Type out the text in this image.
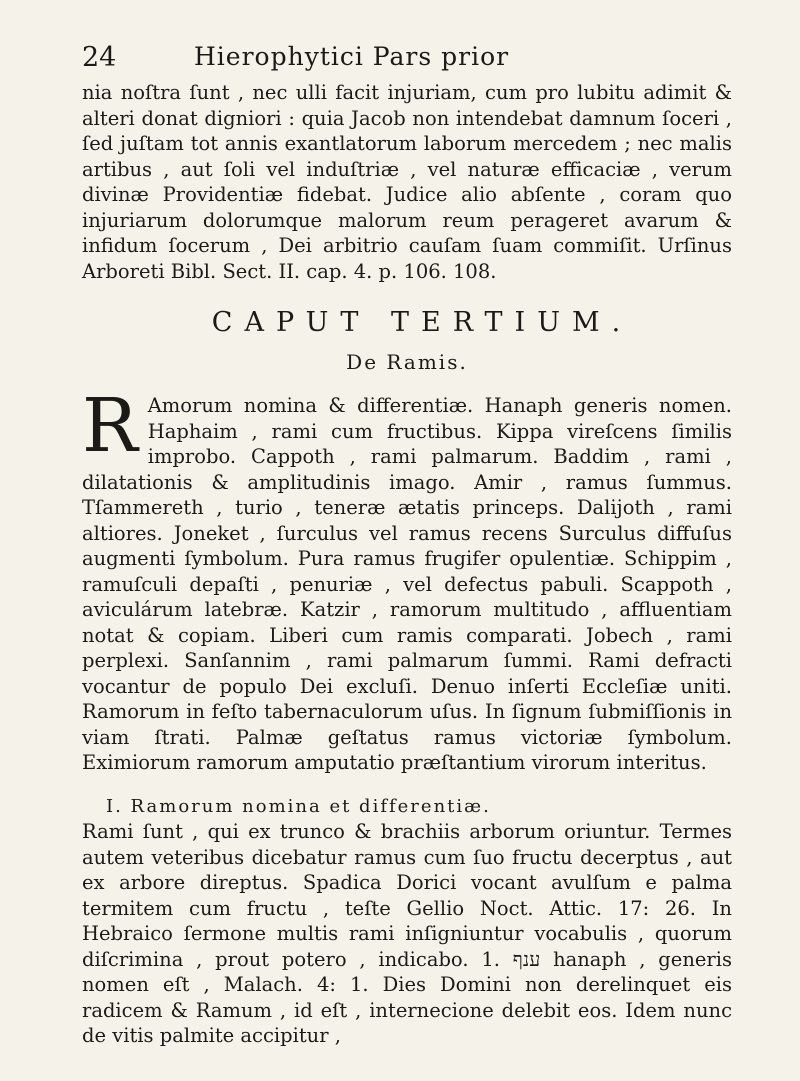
24	Hierophytici Pars prior

nia noſtra ſunt , nec ulli facit injuriam, cum pro lubitu adimit & alteri donat digniori : quia Jacob non intendebat damnum ſoceri , ſed juſtam tot annis exantlatorum laborum mercedem ; nec malis artibus , aut ſoli vel induſtriæ , vel naturæ efficaciæ , verum divinæ Providentiæ fidebat. Judice alio abſente , coram quo injuriarum dolorumque malorum reum perageret avarum & infidum ſocerum , Dei arbitrio cauſam ſuam commiſit. Urſinus Arboreti Bibl. Sect. II. cap. 4. p. 106. 108.

CAPUT TERTIUM.
De Ramis.

R Amorum nomina & differentiæ. Hanaph generis nomen. Haphaim , rami cum fructibus. Kippa vireſcens ſimilis improbo. Cappoth , rami palmarum. Baddim , rami , dilatationis & amplitudinis imago. Amir , ramus ſummus. Tſammereth , turio , teneræ ætatis princeps. Dalijoth , rami altiores. Joneket , ſurculus vel ramus recens Surculus diffuſus augmenti ſymbolum. Pura ramus frugifer opulentiæ. Schippim , ramuſculi depaſti , penuriæ , vel defectus pabuli. Scappoth , aviculárum latebræ. Katzir , ramorum multitudo , affluentiam notat & copiam. Liberi cum ramis comparati. Jobech , rami perplexi. Sanſannim , rami palmarum ſummi. Rami defracti vocantur de populo Dei excluſi. Denuo inſerti Eccleſiæ uniti. Ramorum in feſto tabernaculorum uſus. In ſignum ſubmiſſionis in viam ſtrati. Palmæ geſtatus ramus victoriæ ſymbolum. Eximiorum ramorum amputatio præſtantium virorum interitus.

I. Ramorum nomina et differentiæ.

Rami ſunt , qui ex trunco & brachiis arborum oriuntur. Termes autem veteribus dicebatur ramus cum ſuo fructu decerptus , aut ex arbore direptus. Spadica Dorici vocant avulſum e palma termitem cum fructu , teſte Gellio Noct. Attic. 17: 26. In Hebraico ſermone multis rami inſigniuntur vocabulis , quorum diſcrimina , prout potero , indicabo. 1. ענף hanaph , generis nomen eſt , Malach. 4: 1. Dies Domini non derelinquet eis radicem & Ramum , id eſt , internecione delebit eos. Idem nunc de vitis palmite accipitur ,
